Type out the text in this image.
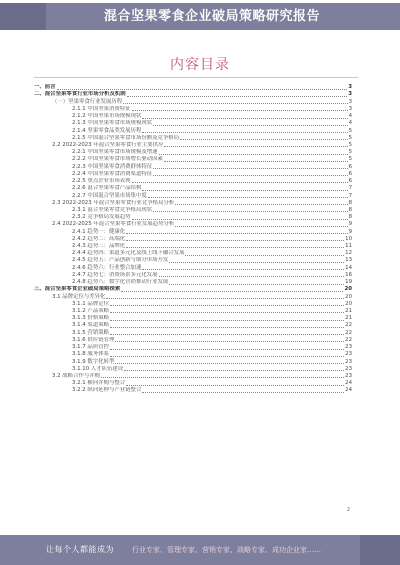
混合坚果零食企业破局策略研究报告
内容目录
一、前言	3
二、混合坚果零食行业市场分析及机制	3
（一）坚果零食行业发展历程	3
2.1.1 中国坚果消费特征	3
2.1.2 中国坚果市场规模现状	4
2.1.3 中国坚果零食市场规模现状	4
2.1.4 坚果零食品类发展历程	5
2.1.5 中国混合坚果零食市场份额及竞争格局	5
2.2 2022-2023 年混合坚果零食行业主要供应	5
2.2.1 中国坚果零食市场规模及增速	5
2.2.2 中国坚果零食市场增长驱动因素	5
2.2.3 中国坚果零食消费群体特征	6
2.2.4 中国坚果零食消费渠道特征	6
2.2.5 重点企业市场表现	6
2.2.6 混合坚果零食产品结构	7
2.2.7 中国混合坚果市场集中度	7
2.3 2022-2023 年混合坚果零食行业竞争格局分析	8
2.3.1 混合坚果零食竞争格局现状	8
2.3.2 竞争格局发展趋势	8
2.4 2022-2025 年混合坚果零食行业发展趋势分析	9
2.4.1 趋势一：健康化	9
2.4.2 趋势二：高端化	10
2.4.3 趋势三：品牌化	11
2.4.4 趋势四：渠道多元化及线上线下融合发展	12
2.4.5 趋势五：产品创新与细分市场开发	13
2.4.6 趋势六：行业整合加速	14
2.4.7 趋势七：消费场景多元化发展	16
2.4.8 趋势八：数字化营销推动行业发展	19
三、混合坚果零食企业破局策略探索	20
3.1 品牌定位与差异化	20
3.1.1 品牌定位	20
3.1.2 产品策略	21
3.1.3 价格策略	21
3.1.4 渠道策略	22
3.1.5 营销策略	22
3.1.6 供应链管理	22
3.1.7 品质管控	23
3.1.8 服务体系	23
3.1.9 数字化转型	23
3.1.10 人才队伍建设	23
3.2 战略合作与并购	23
3.2.1 横向并购与整合	24
3.2.2 纵向延伸与产业链整合	24
2
让每个人都能成为	行业专家、管理专家、营销专家、战略专家、成功企业家……
